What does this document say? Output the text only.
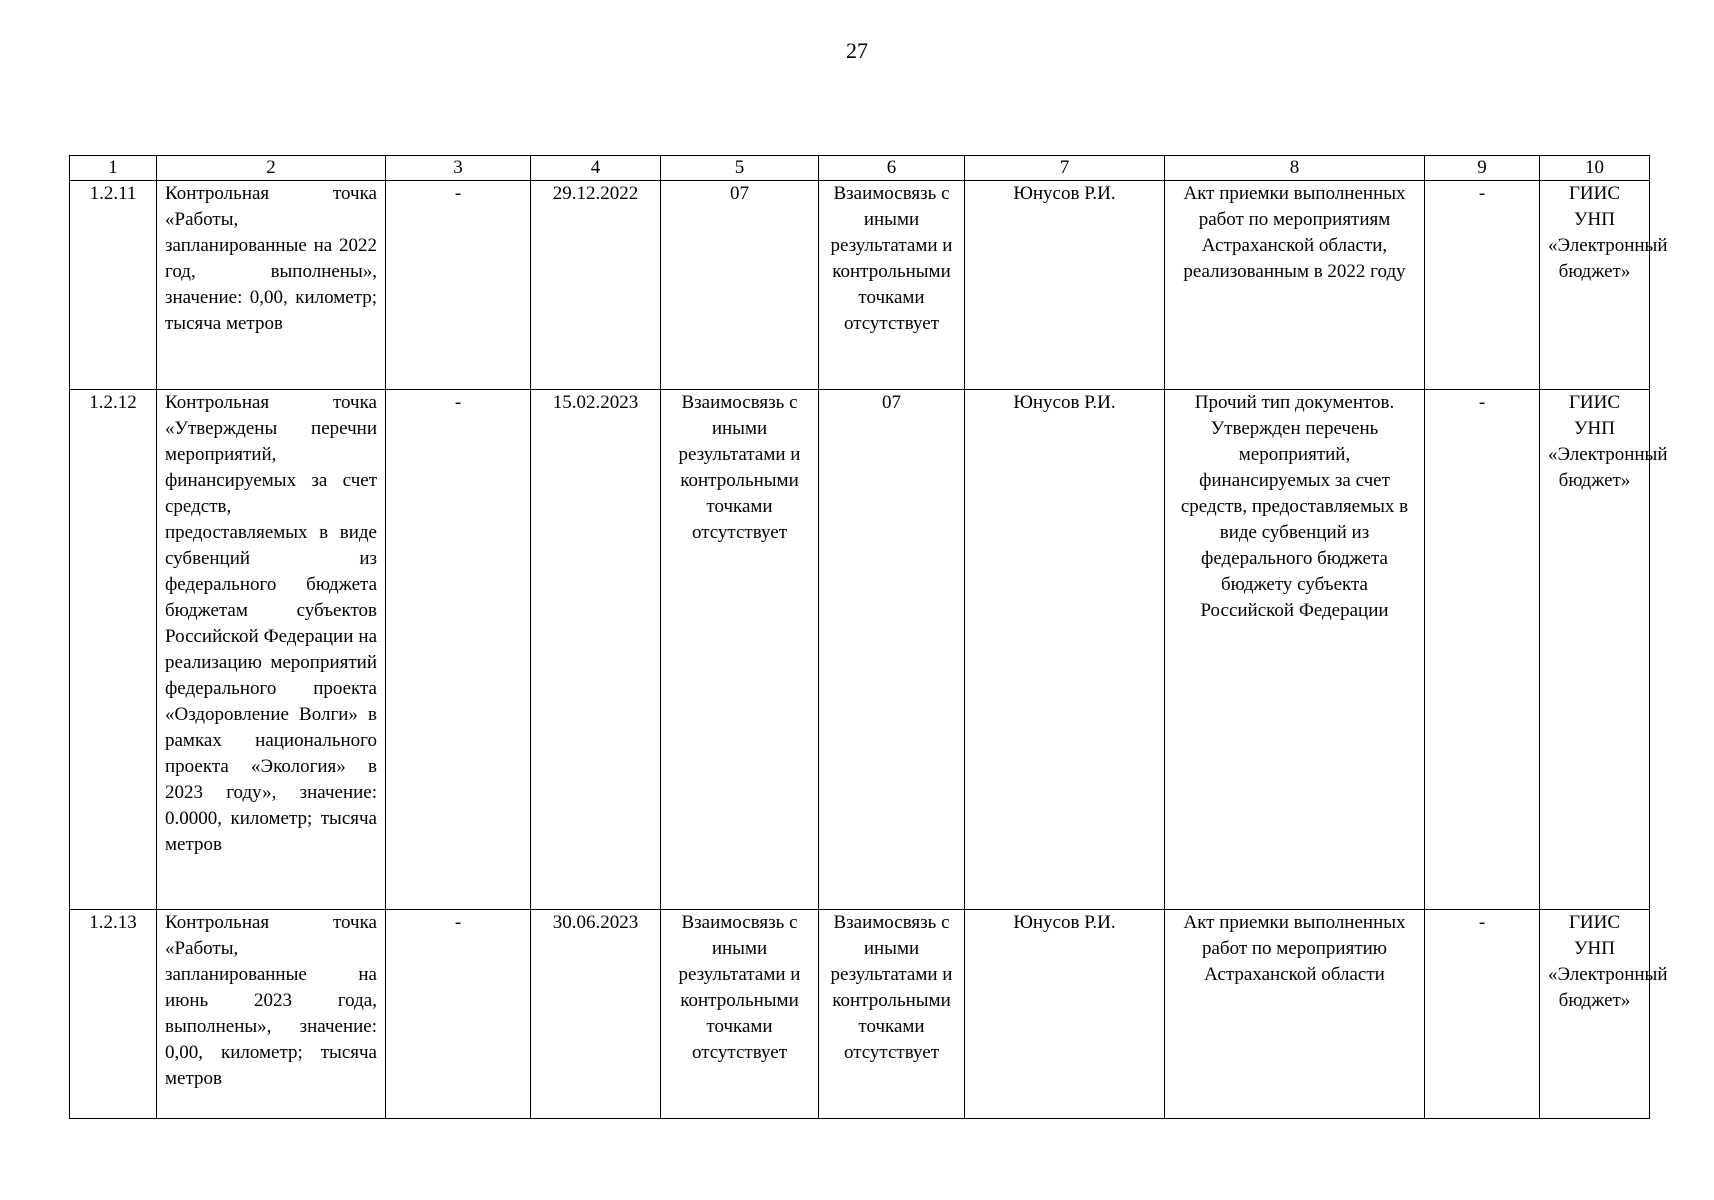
27
1	2	3	4	5	6	7	8	9	10
1.2.11	Контрольная точка «Работы, запланированные на 2022 год, выполнены», значение: 0,00, километр; тысяча метров	-	29.12.2022	07	Взаимосвязь с иными результатами и контрольными точками отсутствует	Юнусов Р.И.	Акт приемки выполненных работ по мероприятиям Астраханской области, реализованным в 2022 году	-	ГИИС УНП «Электронный бюджет»
1.2.12	Контрольная точка «Утверждены перечни мероприятий, финансируемых за счет средств, предоставляемых в виде субвенций из федерального бюджета бюджетам субъектов Российской Федерации на реализацию мероприятий федерального проекта «Оздоровление Волги» в рамках национального проекта «Экология» в 2023 году», значение: 0.0000, километр; тысяча метров	-	15.02.2023	Взаимосвязь с иными результатами и контрольными точками отсутствует	07	Юнусов Р.И.	Прочий тип документов. Утвержден перечень мероприятий, финансируемых за счет средств, предоставляемых в виде субвенций из федерального бюджета бюджету субъекта Российской Федерации	-	ГИИС УНП «Электронный бюджет»
1.2.13	Контрольная точка «Работы, запланированные на июнь 2023 года, выполнены», значение: 0,00, километр; тысяча метров	-	30.06.2023	Взаимосвязь с иными результатами и контрольными точками отсутствует	Взаимосвязь с иными результатами и контрольными точками отсутствует	Юнусов Р.И.	Акт приемки выполненных работ по мероприятию Астраханской области	-	ГИИС УНП «Электронный бюджет»
